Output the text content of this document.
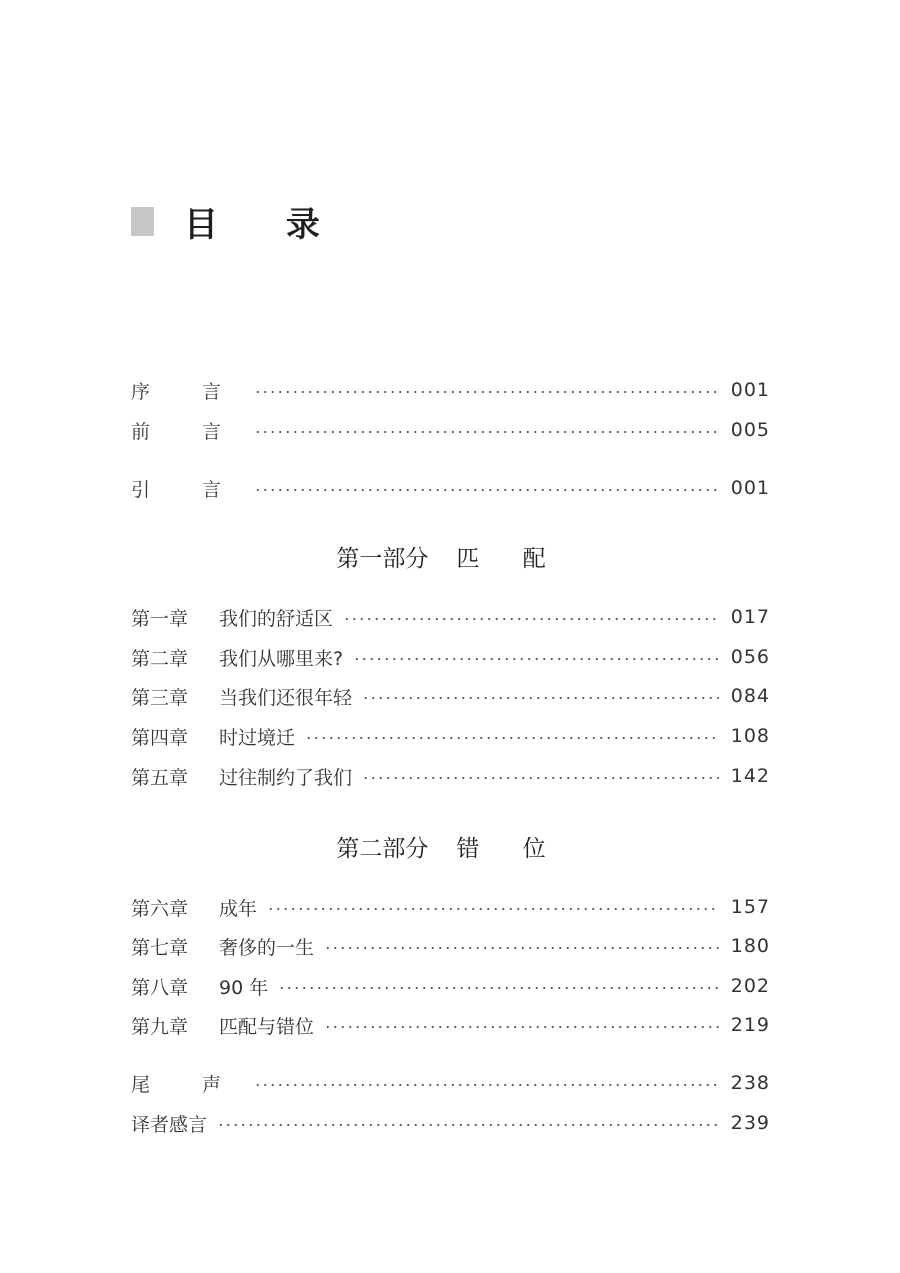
目 录
序 言	001
前 言	005
引 言	001
第一部分 匹 配
第一章 我们的舒适区	017
第二章 我们从哪里来?	056
第三章 当我们还很年轻	084
第四章 时过境迁	108
第五章 过往制约了我们	142
第二部分 错 位
第六章 成年	157
第七章 奢侈的一生	180
第八章 90 年	202
第九章 匹配与错位	219
尾 声	238
译者感言	239
